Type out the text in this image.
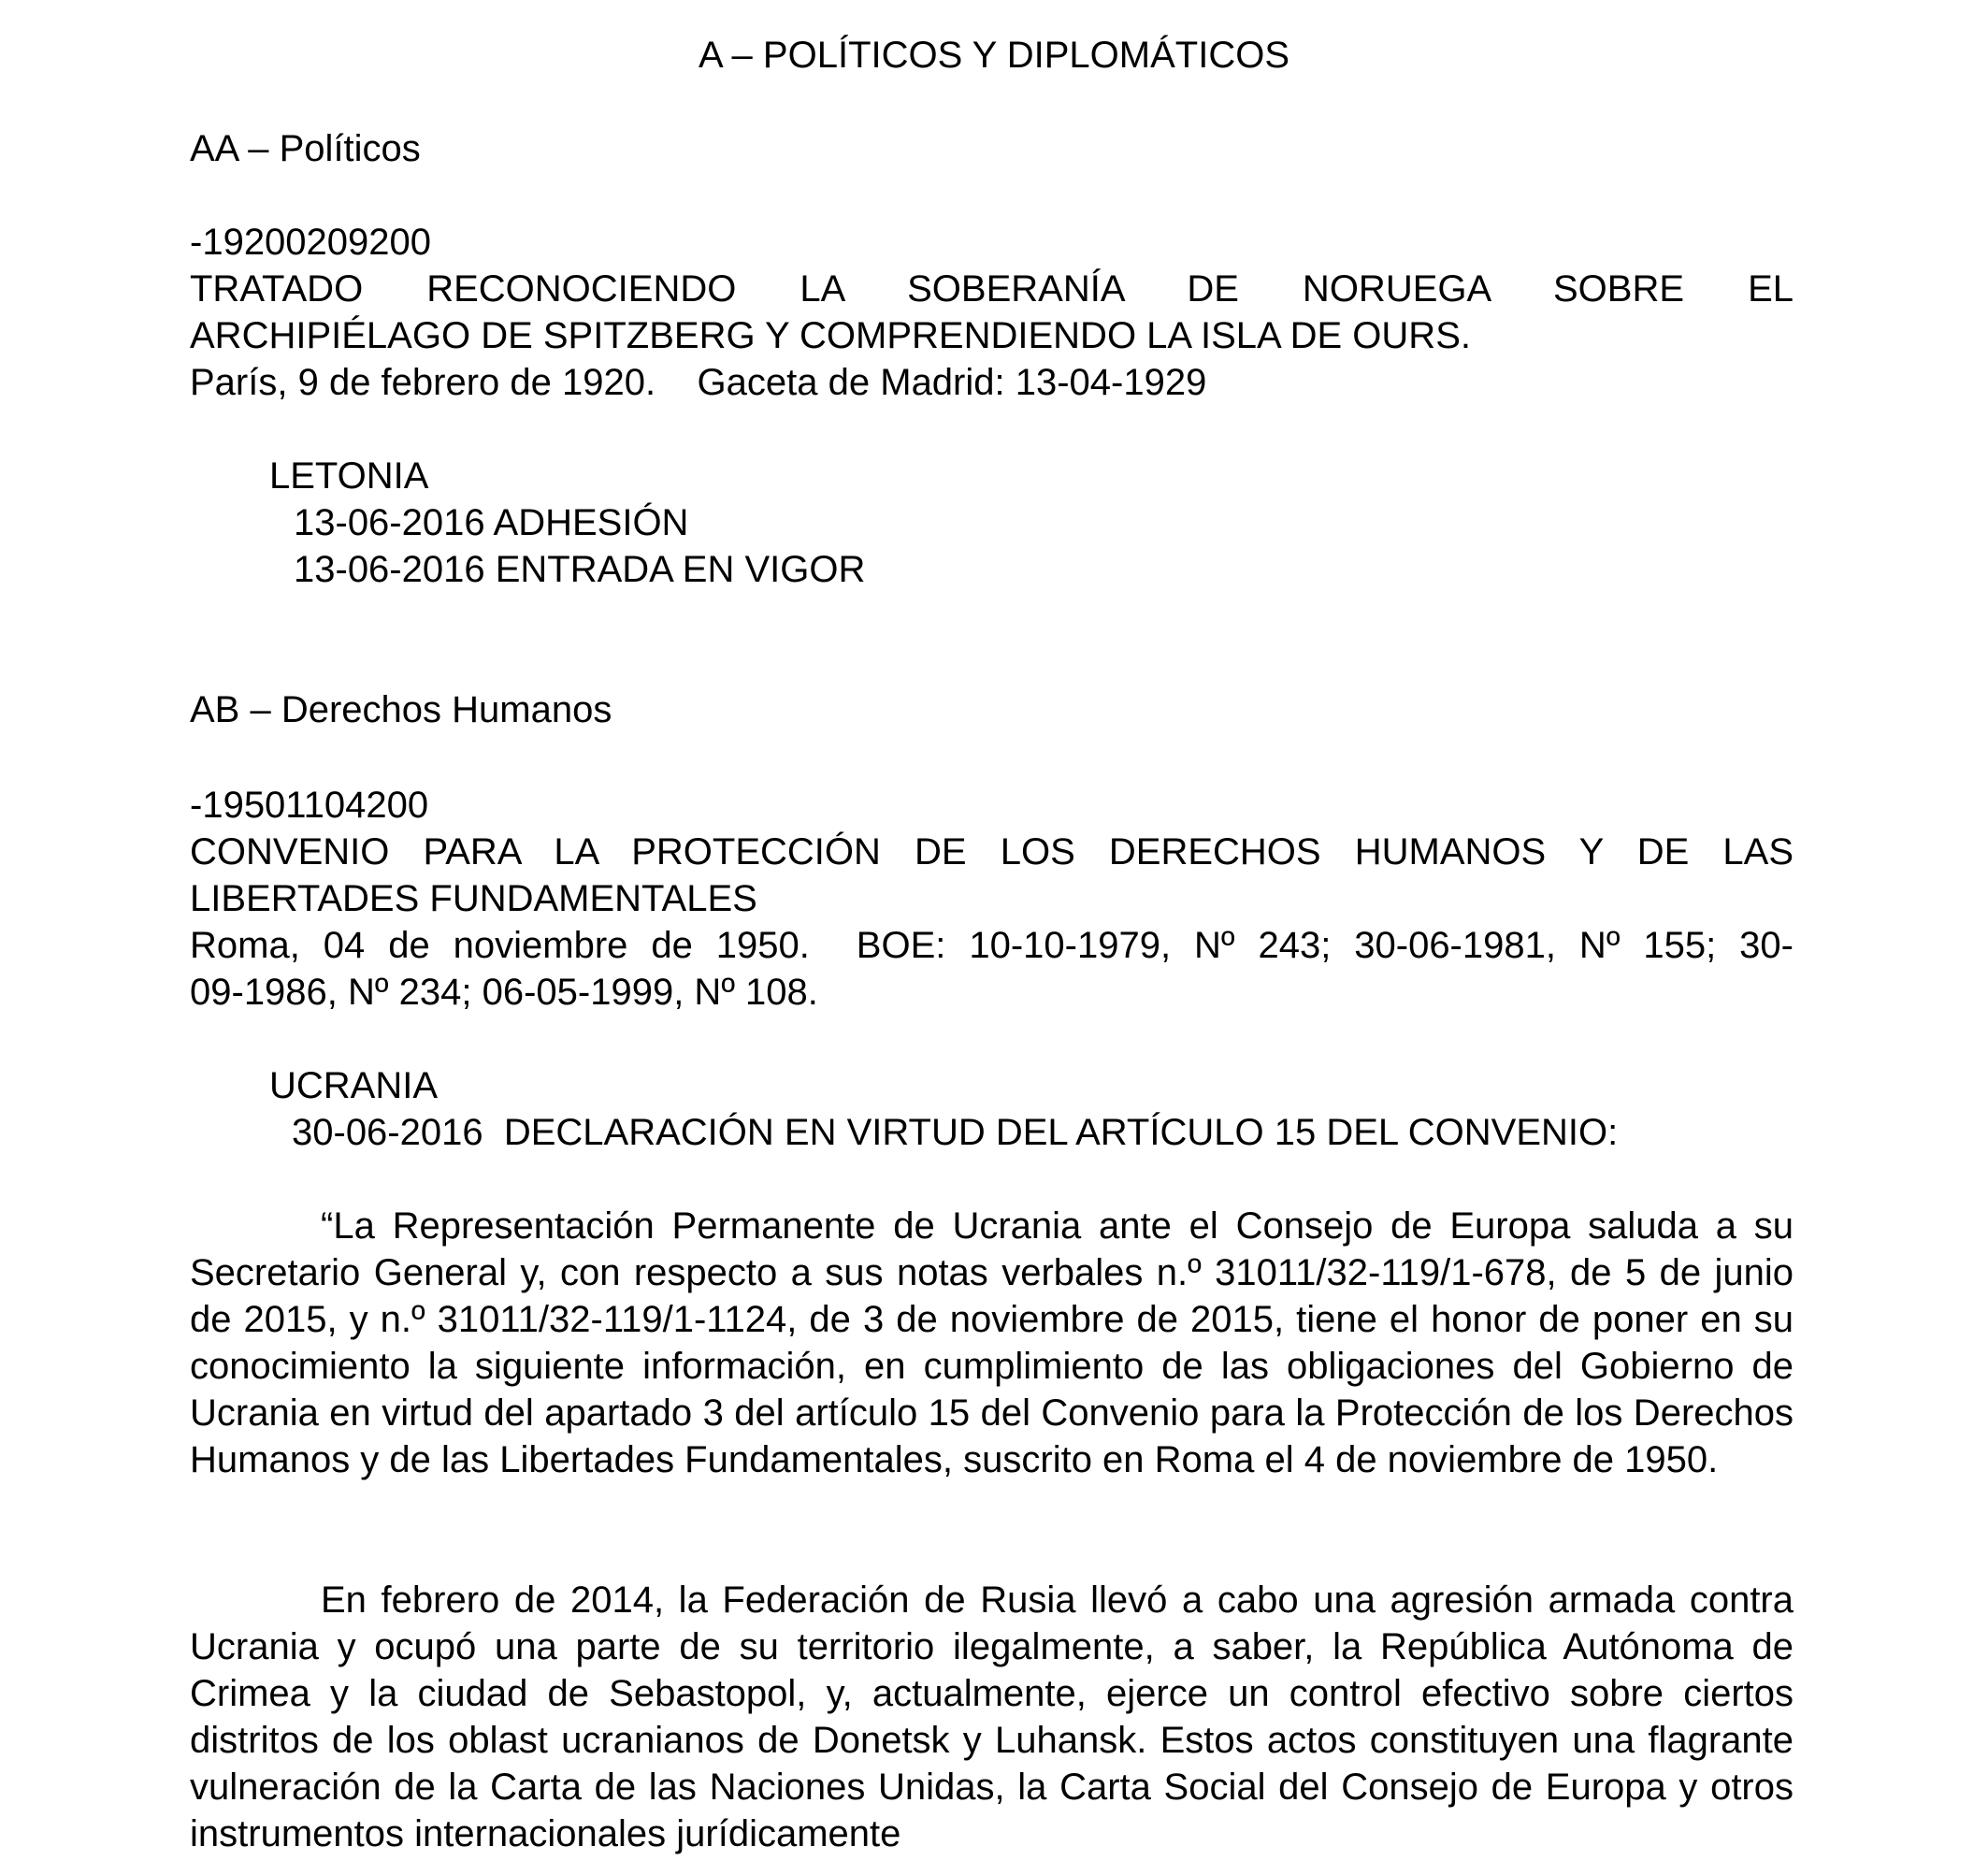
A – POLÍTICOS Y DIPLOMÁTICOS

AA – Políticos

-19200209200

TRATADO RECONOCIENDO LA SOBERANÍA DE NORUEGA SOBRE EL

ARCHIPIÉLAGO DE SPITZBERG Y COMPRENDIENDO LA ISLA DE OURS.

París, 9 de febrero de 1920.    Gaceta de Madrid: 13-04-1929

LETONIA

13-06-2016 ADHESIÓN

13-06-2016 ENTRADA EN VIGOR

AB – Derechos Humanos

-19501104200

CONVENIO PARA LA PROTECCIÓN DE LOS DERECHOS HUMANOS Y DE LAS

LIBERTADES FUNDAMENTALES

Roma, 04 de noviembre de 1950.  BOE: 10-10-1979, Nº 243; 30-06-1981, Nº 155; 30-

09-1986, Nº 234; 06-05-1999, Nº 108.

UCRANIA

30-06-2016  DECLARACIÓN EN VIRTUD DEL ARTÍCULO 15 DEL CONVENIO:

“La Representación Permanente de Ucrania ante el Consejo de Europa saluda a su Secretario General y, con respecto a sus notas verbales n.º 31011/32-119/1-678, de 5 de junio de 2015, y n.º 31011/32-119/1-1124, de 3 de noviembre de 2015, tiene el honor de poner en su conocimiento la siguiente información, en cumplimiento de las obligaciones del Gobierno de Ucrania en virtud del apartado 3 del artículo 15 del Convenio para la Protección de los Derechos Humanos y de las Libertades Fundamentales, suscrito en Roma el 4 de noviembre de 1950.

En febrero de 2014, la Federación de Rusia llevó a cabo una agresión armada contra Ucrania y ocupó una parte de su territorio ilegalmente, a saber, la República Autónoma de Crimea y la ciudad de Sebastopol, y, actualmente, ejerce un control efectivo sobre ciertos distritos de los oblast ucranianos de Donetsk y Luhansk. Estos actos constituyen una flagrante vulneración de la Carta de las Naciones Unidas, la Carta Social del Consejo de Europa y otros instrumentos internacionales jurídicamente
